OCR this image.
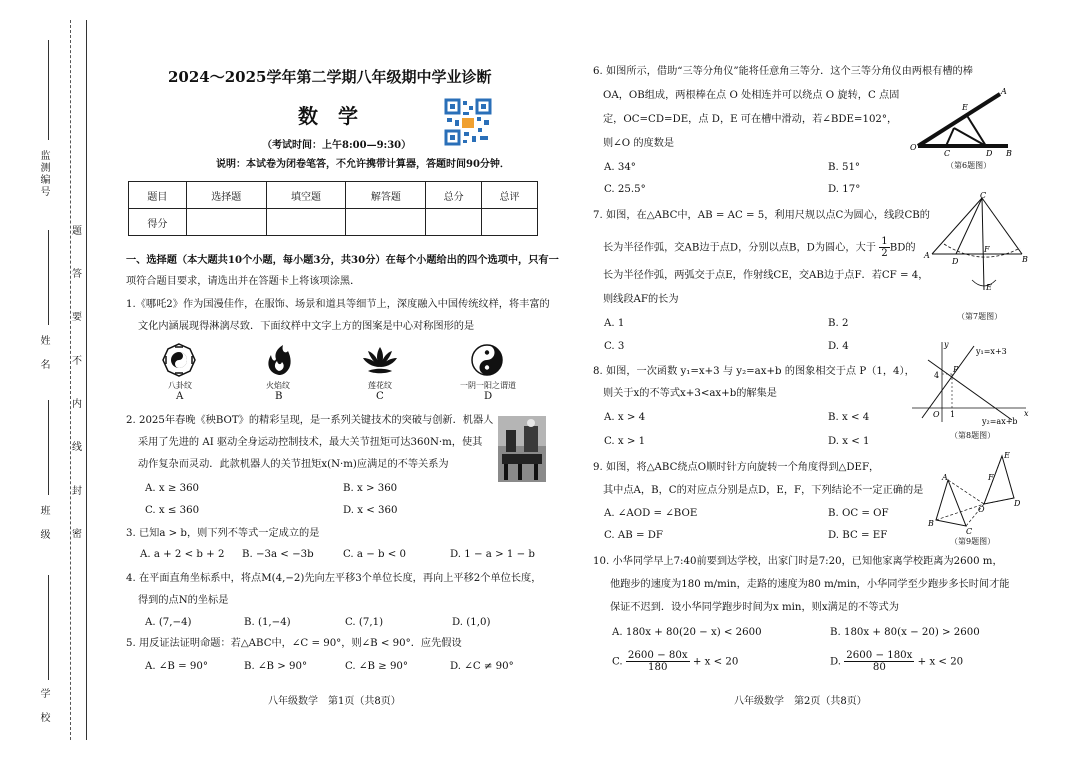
监测编号
姓　名
班　级
学　校
题
答
要
不
内
线
封
密
2024～2025学年第二学期八年级期中学业诊断
数　学
（考试时间：上午8:00—9:30）
说明：本试卷为闭卷笔答，不允许携带计算器，答题时间90分钟．
题目	选择题	填空题	解答题	总分	总评
得分					
一、选择题（本大题共10个小题，每小题3分，共30分）在每个小题给出的四个选项中，只有一
项符合题目要求，请选出并在答题卡上将该项涂黑．
1.《哪吒2》作为国漫佳作，在服饰、场景和道具等细节上，深度融入中国传统纹样，将丰富的
文化内涵展现得淋漓尽致．下面纹样中文字上方的图案是中心对称图形的是
八卦纹
A
火焰纹
B
莲花纹
C
一阴一阳之谓道
D
2. 2025年春晚《秧BOT》的精彩呈现，是一系列关键技术的突破与创新．机器人
采用了先进的 AI 驱动全身运动控制技术，最大关节扭矩可达360N·m，使其
动作复杂而灵动．此款机器人的关节扭矩x(N·m)应满足的不等关系为
A. x ≥ 360	B. x > 360
C. x ≤ 360	D. x < 360
3. 已知a > b，则下列不等式一定成立的是
A. a + 2 < b + 2 B. −3a < −3b	C. a − b < 0	D. 1 − a > 1 − b
4. 在平面直角坐标系中，将点M(4,−2)先向左平移3个单位长度，再向上平移2个单位长度，
得到的点N的坐标是
A. (7,−4)	B. (1,−4)	C. (7,1)	D. (1,0)
5. 用反证法证明命题：若△ABC中，∠C = 90°，则∠B < 90°．应先假设
A. ∠B = 90°	B. ∠B > 90°	C. ∠B ≥ 90°	D. ∠C ≠ 90°
八年级数学　第1页（共8页）
6. 如图所示，借助“三等分角仪”能将任意角三等分．这个三等分角仪由两根有槽的棒
OA，OB组成，两根棒在点 O 处相连并可以绕点 O 旋转，C 点固
定，OC=CD=DE，点 D，E 可在槽中滑动，若∠BDE=102°，
则∠O 的度数是
A. 34°	B. 51°
C. 25.5°	D. 17°
O
A
B
C	D
E
（第6题图）
7. 如图，在△ABC中，AB = AC = 5，利用尺规以点C为圆心，线段CB的
长为半径作弧，交AB边于点D，分别以点B，D为圆心，大于 $\frac{1}{2}$ BD的
长为半径作弧，两弧交于点E，作射线CE，交AB边于点F．若CF = 4，
则线段AF的长为
A. 1	B. 2
C. 3	D. 4
C
A	B
D
F
E
（第7题图）
8. 如图，一次函数 y₁=x+3 与 y₂=ax+b 的图象相交于点 P（1，4），
则关于x的不等式x+3<ax+b的解集是
A. x > 4	B. x < 4
C. x > 1	D. x < 1
y
y₁=x+3
4
P
O 1	x
y₂=ax+b
（第8题图）
9. 如图，将△ABC绕点O顺时针方向旋转一个角度得到△DEF，
其中点A，B，C的对应点分别是点D，E，F，下列结论不一定正确的是
A. ∠AOD = ∠BOE	B. OC = OF
C. AB = DF	D. BC = EF
A
B
C
E
D
O
F
（第9题图）
10. 小华同学早上7:40前要到达学校，出家门时是7:20，已知他家离学校距离为2600 m，
他跑步的速度为180 m/min，走路的速度为80 m/min，小华同学至少跑步多长时间才能
保证不迟到．设小华同学跑步时间为x min，则x满足的不等式为
A. 180x + 80(20 − x) < 2600	B. 180x + 80(x − 20) > 2600
C. $\frac{2600 - 80x}{180} + x < 20$	D. $\frac{2600 - 180x}{80} + x < 20$
八年级数学　第2页（共8页）
